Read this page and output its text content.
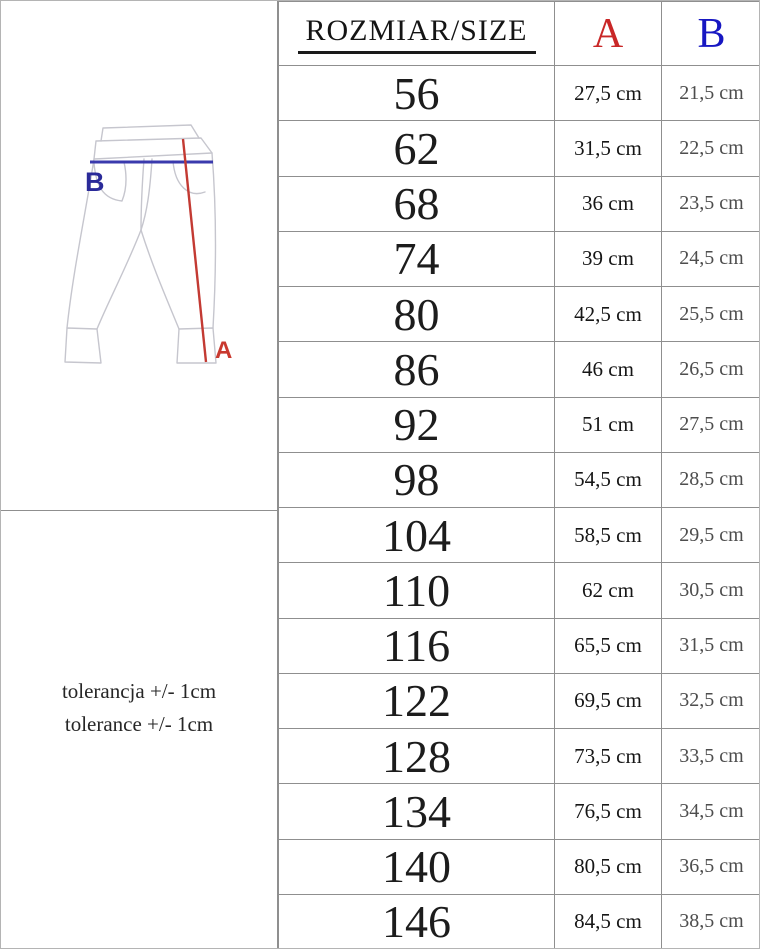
B
A
tolerancja +/- 1cm
tolerance +/- 1cm
ROZMIAR/SIZE	A	B
56	27,5 cm	21,5 cm
62	31,5 cm	22,5 cm
68	36 cm	23,5 cm
74	39 cm	24,5 cm
80	42,5 cm	25,5 cm
86	46 cm	26,5 cm
92	51 cm	27,5 cm
98	54,5 cm	28,5 cm
104	58,5 cm	29,5 cm
110	62 cm	30,5 cm
116	65,5 cm	31,5 cm
122	69,5 cm	32,5 cm
128	73,5 cm	33,5 cm
134	76,5 cm	34,5 cm
140	80,5 cm	36,5 cm
146	84,5 cm	38,5 cm
